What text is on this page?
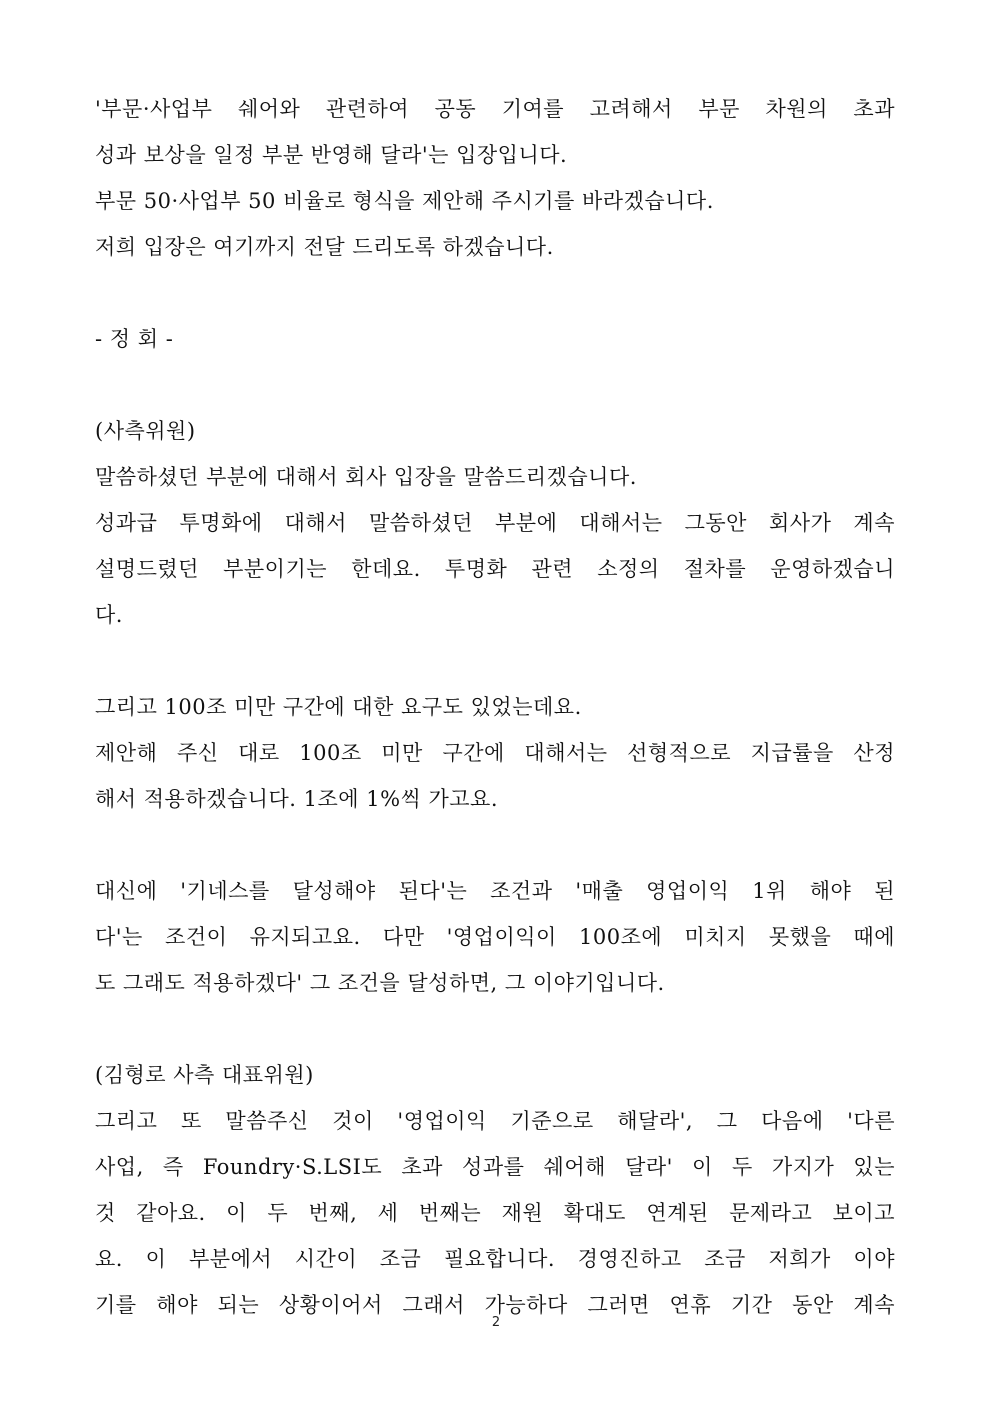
'부문·사업부 쉐어와 관련하여 공동 기여를 고려해서 부문 차원의 초과
성과 보상을 일정 부분 반영해 달라'는 입장입니다.
부문 50·사업부 50 비율로 형식을 제안해 주시기를 바라겠습니다.
저희 입장은 여기까지 전달 드리도록 하겠습니다.
- 정 회 -
(사측위원)
말씀하셨던 부분에 대해서 회사 입장을 말씀드리겠습니다.
성과급 투명화에 대해서 말씀하셨던 부분에 대해서는 그동안 회사가 계속
설명드렸던 부분이기는 한데요. 투명화 관련 소정의 절차를 운영하겠습니
다.
그리고 100조 미만 구간에 대한 요구도 있었는데요.
제안해 주신 대로 100조 미만 구간에 대해서는 선형적으로 지급률을 산정
해서 적용하겠습니다. 1조에 1%씩 가고요.
대신에 '기네스를 달성해야 된다'는 조건과 '매출 영업이익 1위 해야 된
다'는 조건이 유지되고요. 다만 '영업이익이 100조에 미치지 못했을 때에
도 그래도 적용하겠다' 그 조건을 달성하면, 그 이야기입니다.
(김형로 사측 대표위원)
그리고 또 말씀주신 것이 '영업이익 기준으로 해달라', 그 다음에 '다른
사업, 즉 Foundry·S.LSI도 초과 성과를 쉐어해 달라' 이 두 가지가 있는
것 같아요. 이 두 번째, 세 번째는 재원 확대도 연계된 문제라고 보이고
요. 이 부분에서 시간이 조금 필요합니다. 경영진하고 조금 저희가 이야
기를 해야 되는 상황이어서 그래서 가능하다 그러면 연휴 기간 동안 계속
2
